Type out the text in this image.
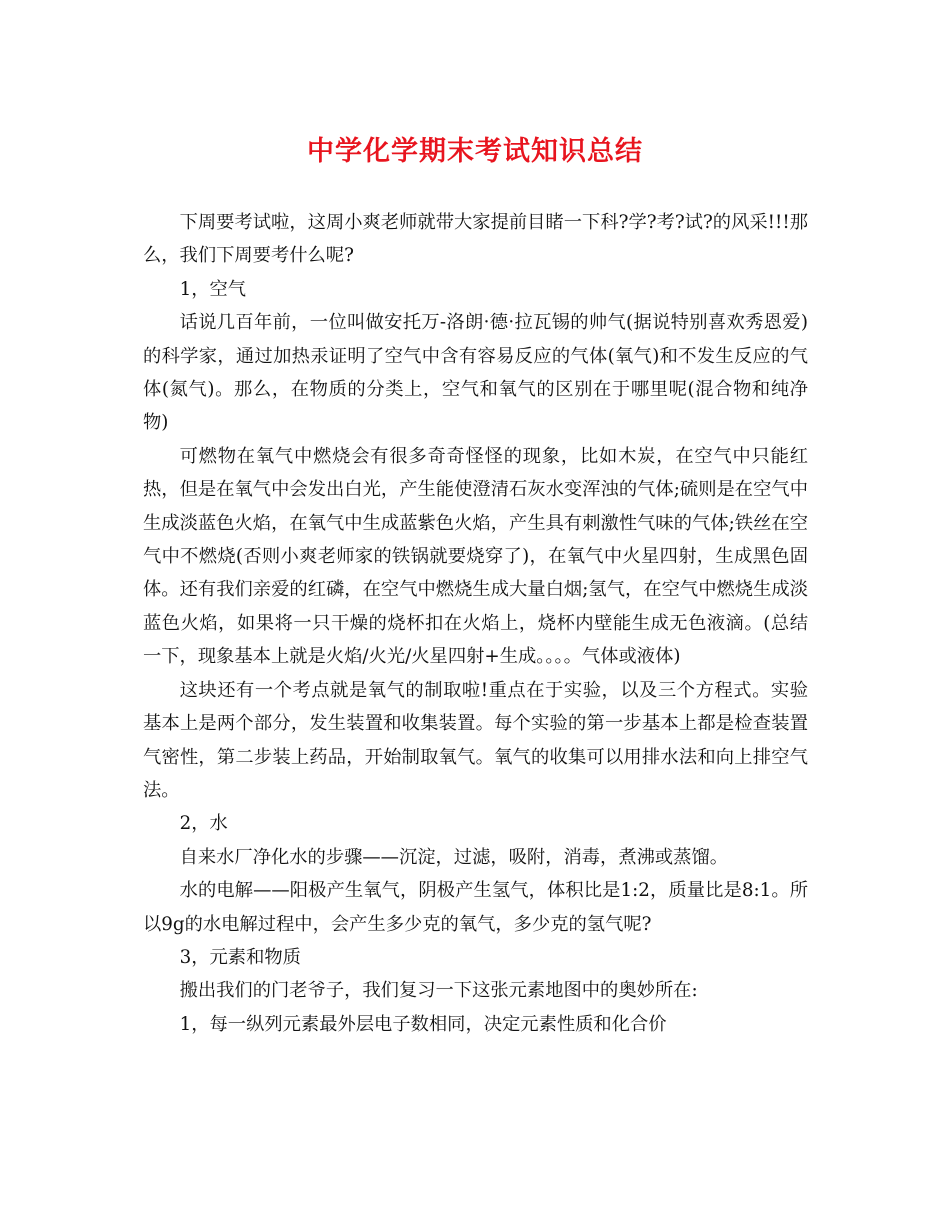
中学化学期末考试知识总结

下周要考试啦，这周小爽老师就带大家提前目睹一下科?学?考?试?的风采!!!那么，我们下周要考什么呢?

1，空气

话说几百年前，一位叫做安托万-洛朗·德·拉瓦锡的帅气(据说特别喜欢秀恩爱)的科学家，通过加热汞证明了空气中含有容易反应的气体(氧气)和不发生反应的气体(氮气)。那么，在物质的分类上，空气和氧气的区别在于哪里呢(混合物和纯净物)

可燃物在氧气中燃烧会有很多奇奇怪怪的现象，比如木炭，在空气中只能红热，但是在氧气中会发出白光，产生能使澄清石灰水变浑浊的气体;硫则是在空气中生成淡蓝色火焰，在氧气中生成蓝紫色火焰，产生具有刺激性气味的气体;铁丝在空气中不燃烧(否则小爽老师家的铁锅就要烧穿了)，在氧气中火星四射，生成黑色固体。还有我们亲爱的红磷，在空气中燃烧生成大量白烟;氢气，在空气中燃烧生成淡蓝色火焰，如果将一只干燥的烧杯扣在火焰上，烧杯内壁能生成无色液滴。(总结一下，现象基本上就是火焰/火光/火星四射+生成。。。。气体或液体)

这块还有一个考点就是氧气的制取啦!重点在于实验，以及三个方程式。实验基本上是两个部分，发生装置和收集装置。每个实验的第一步基本上都是检查装置气密性，第二步装上药品，开始制取氧气。氧气的收集可以用排水法和向上排空气法。

2，水

自来水厂净化水的步骤——沉淀，过滤，吸附，消毒，煮沸或蒸馏。

水的电解——阳极产生氧气，阴极产生氢气，体积比是1:2，质量比是8:1。所以9g的水电解过程中，会产生多少克的氧气，多少克的氢气呢?

3，元素和物质

搬出我们的门老爷子，我们复习一下这张元素地图中的奥妙所在:

1，每一纵列元素最外层电子数相同，决定元素性质和化合价
